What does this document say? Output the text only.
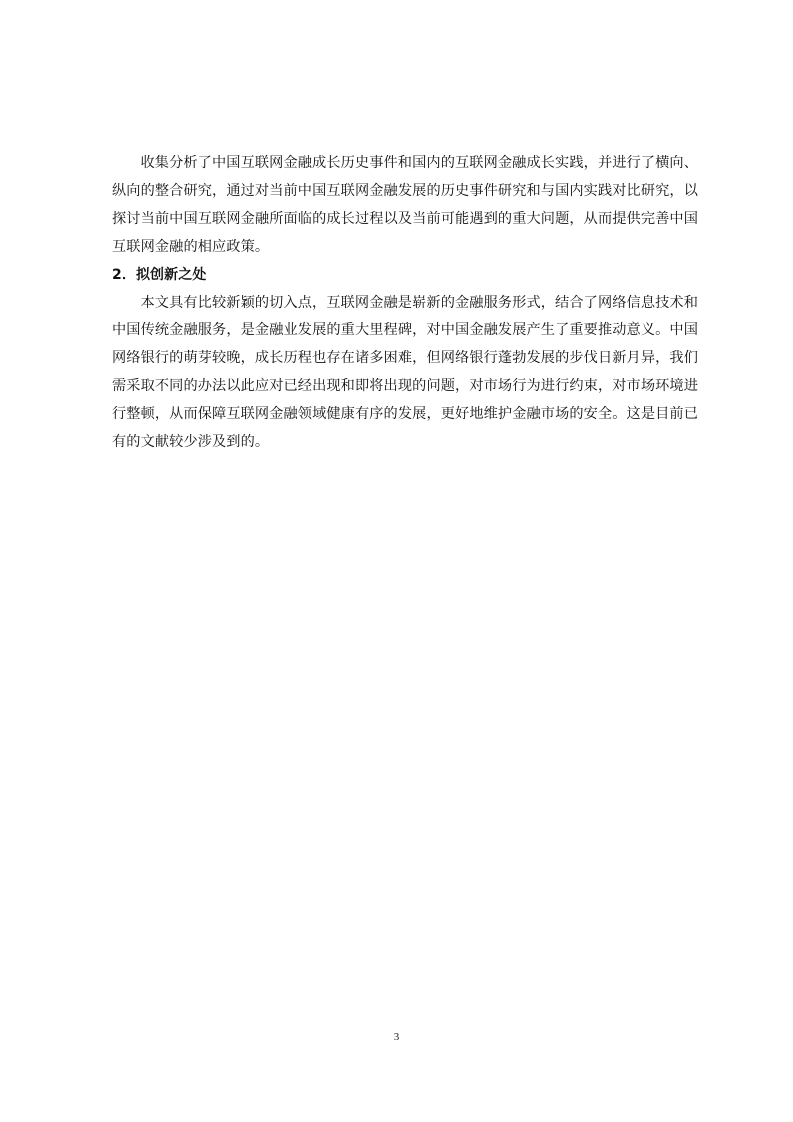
收集分析了中国互联网金融成长历史事件和国内的互联网金融成长实践，并进行了横向、纵向的整合研究，通过对当前中国互联网金融发展的历史事件研究和与国内实践对比研究，以探讨当前中国互联网金融所面临的成长过程以及当前可能遇到的重大问题，从而提供完善中国互联网金融的相应政策。

2．拟创新之处

本文具有比较新颖的切入点，互联网金融是崭新的金融服务形式，结合了网络信息技术和中国传统金融服务，是金融业发展的重大里程碑，对中国金融发展产生了重要推动意义。中国网络银行的萌芽较晚，成长历程也存在诸多困难，但网络银行蓬勃发展的步伐日新月异，我们需采取不同的办法以此应对已经出现和即将出现的问题，对市场行为进行约束，对市场环境进行整顿，从而保障互联网金融领域健康有序的发展，更好地维护金融市场的安全。这是目前已有的文献较少涉及到的。

3
